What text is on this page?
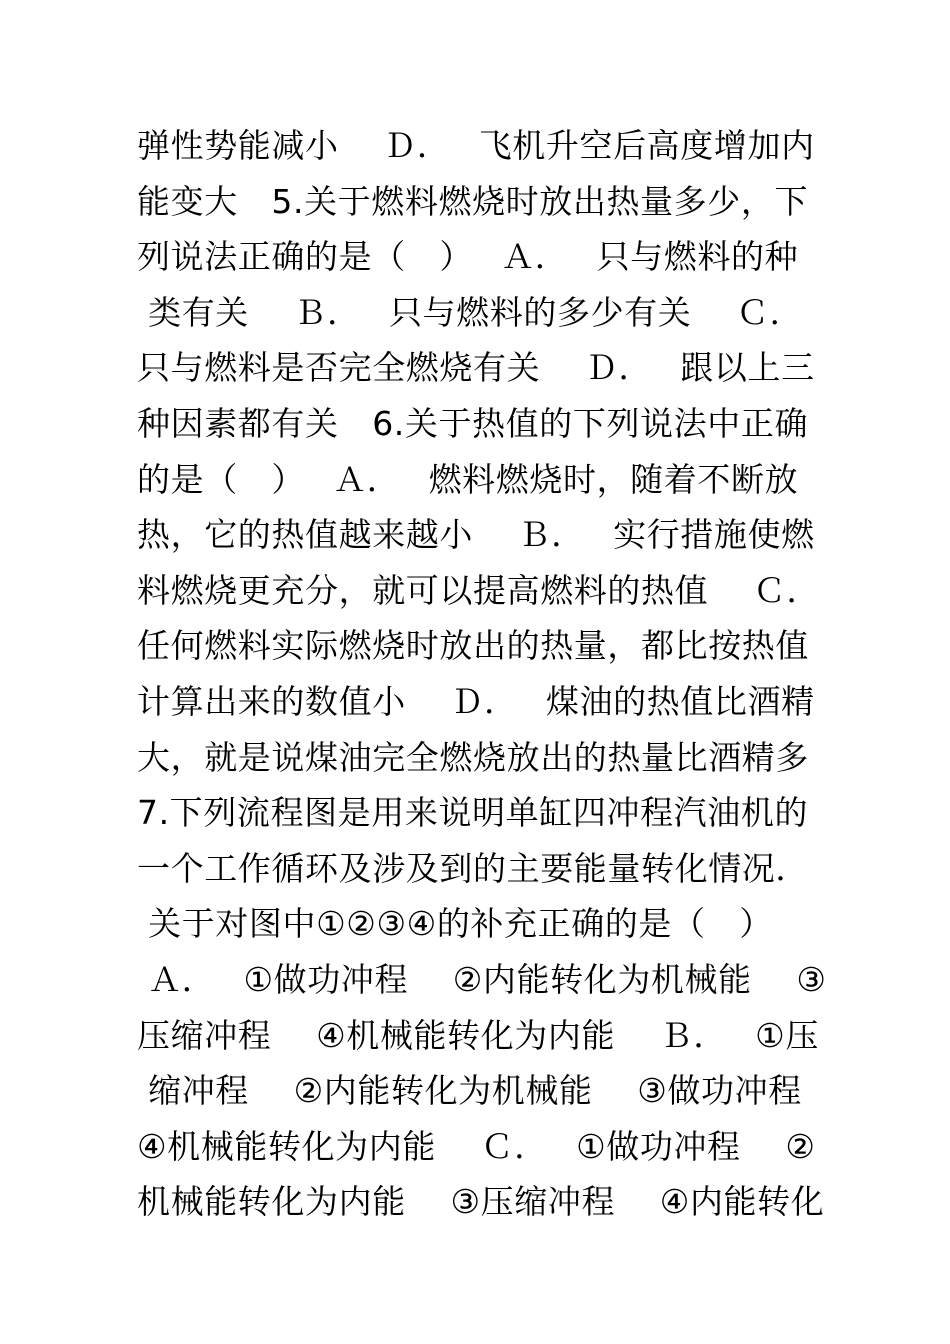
弹性势能减小　 Ｄ．　 飞机升空后高度增加内
能变大　5.关于燃料燃烧时放出热量多少，下
列说法正确的是（　）　 Ａ．　 只与燃料的种
类有关　 Ｂ．　 只与燃料的多少有关　 Ｃ．
只与燃料是否完全燃烧有关　 Ｄ．　 跟以上三
种因素都有关　6.关于热值的下列说法中正确
的是（　）　 Ａ．　 燃料燃烧时，随着不断放
热，它的热值越来越小　 Ｂ．　 实行措施使燃
料燃烧更充分，就可以提高燃料的热值　 Ｃ．
任何燃料实际燃烧时放出的热量，都比按热值
计算出来的数值小　 Ｄ．　 煤油的热值比酒精
大，就是说煤油完全燃烧放出的热量比酒精多
7.下列流程图是用来说明单缸四冲程汽油机的
一个工作循环及涉及到的主要能量转化情况．
关于对图中①②③④的补充正确的是（　）
Ａ．　 ①做功冲程　 ②内能转化为机械能　 ③
压缩冲程　 ④机械能转化为内能　 Ｂ．　 ①压
缩冲程　 ②内能转化为机械能　 ③做功冲程
④机械能转化为内能　 Ｃ．　 ①做功冲程　 ②
机械能转化为内能　 ③压缩冲程　 ④内能转化
